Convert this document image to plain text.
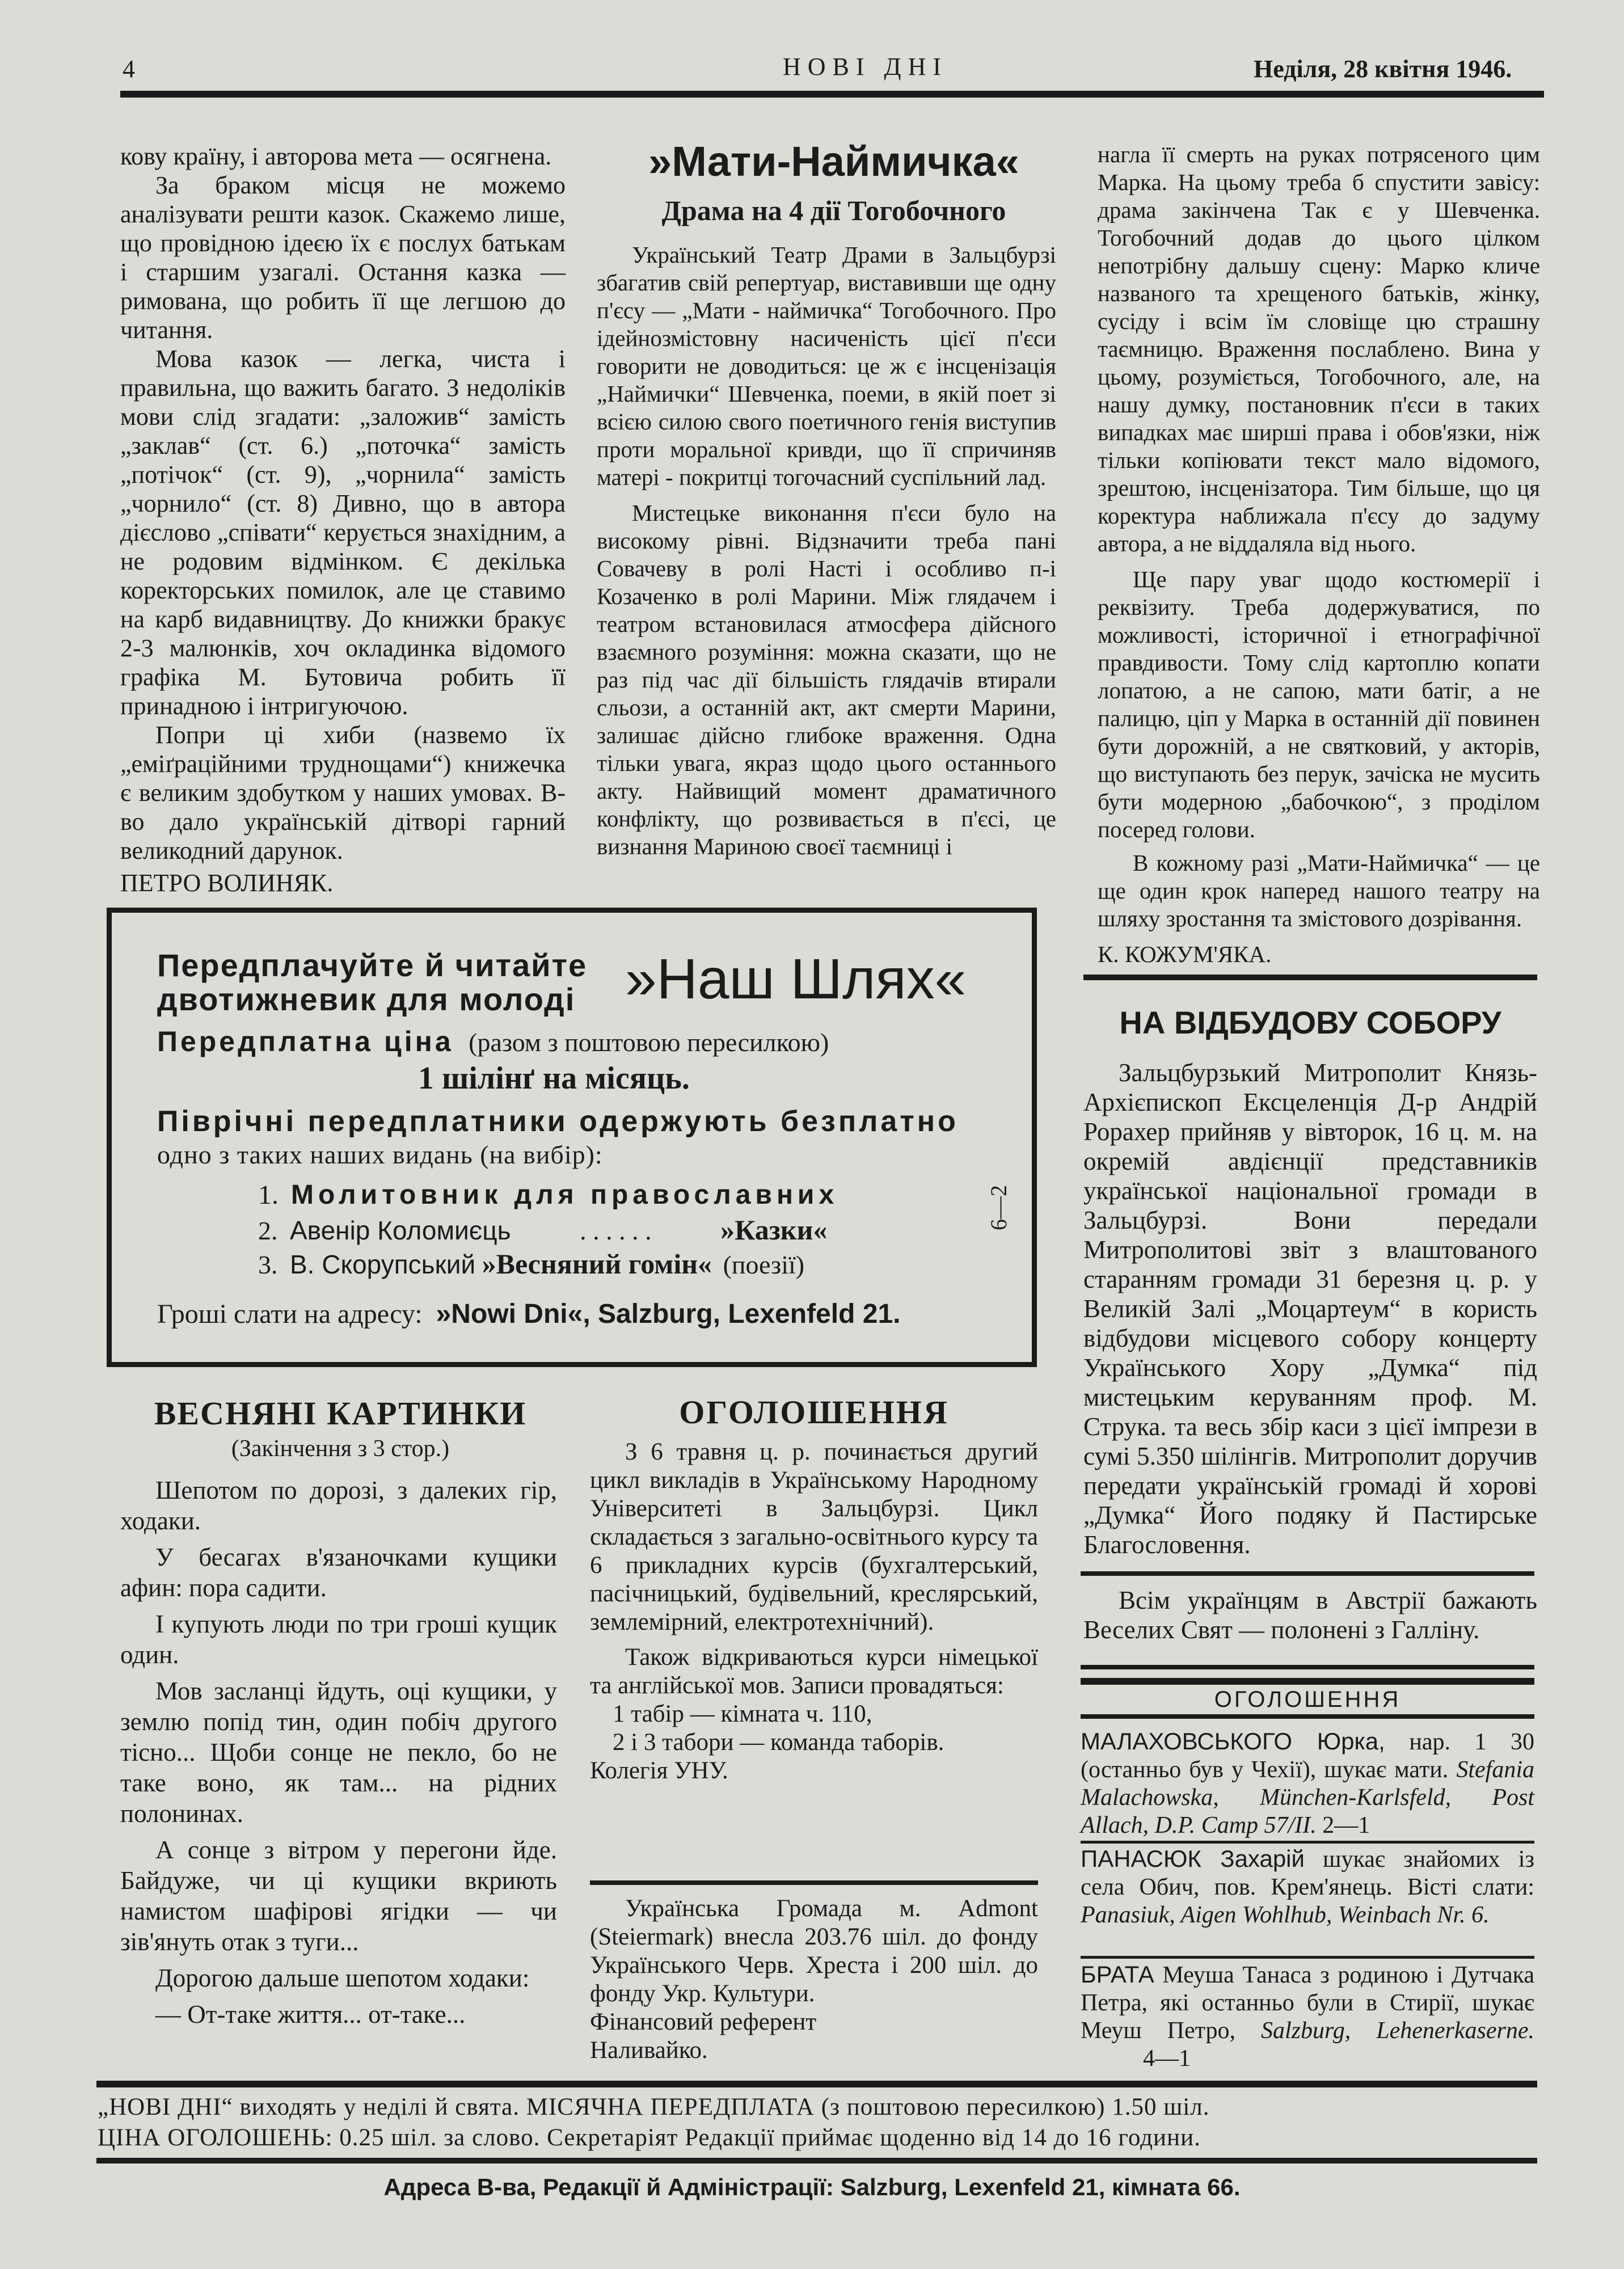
4	НОВІ ДНІ	Неділя, 28 квітня 1946.

кову країну, і авторова мета — осягнена.

За браком місця не можемо аналізувати решти казок. Скажемо лише, що провідною ідеєю їх є послух батькам і старшим узагалі. Остання казка — римована, що робить її ще легшою до читання.

Мова казок — легка, чиста і правильна, що важить багато. З недоліків мови слід згадати: „заложив“ замість „заклав“ (ст. 6.) „поточка“ замість „потічок“ (ст. 9), „чорнила“ замість „чорнило“ (ст. 8) Дивно, що в автора дієслово „співати“ керується знахідним, а не родовим відмінком. Є декілька коректорських помилок, але це ставимо на карб видавництву. До книжки бракує 2-3 малюнків, хоч окладинка відомого графіка М. Бутовича робить її принадною і інтригуючою.

Попри ці хиби (назвемо їх „еміґраційними труднощами“) книжечка є великим здобутком у наших умовах. В-во дало українській дітворі гарний великодний дарунок.

ПЕТРО ВОЛИНЯК.

»Мати-Наймичка«
Драма на 4 дії Тогобочного

Український Театр Драми в Зальцбурзі збагатив свій репертуар, виставивши ще одну п'єсу — „Мати - наймичка“ Тогобочного. Про ідейнозмістовну насиченість цієї п'єси говорити не доводиться: це ж є інсценізація „Наймички“ Шевченка, поеми, в якій поет зі всією силою свого поетичного генія виступив проти моральної кривди, що її спричиняв матері - покритці тогочасний суспільний лад.

Мистецьке виконання п'єси було на високому рівні. Відзначити треба пані Совачеву в ролі Насті і особливо п-і Козаченко в ролі Марини. Між глядачем і театром встановилася атмосфера дійсного взаємного розуміння: можна сказати, що не раз під час дії більшість глядачів втирали сльози, а останній акт, акт смерти Марини, залишає дійсно глибоке враження. Одна тільки увага, якраз щодо цього останнього акту. Найвищий момент драматичного конфлікту, що розвивається в п'єсі, це визнання Мариною своєї таємниці і

нагла її смерть на руках потрясеного цим Марка. На цьому треба б спустити завісу: драма закінчена Так є у Шевченка. Тогобочний додав до цього цілком непотрібну дальшу сцену: Марко кличе названого та хрещеного батьків, жінку, сусіду і всім їм словіще цю страшну таємницю. Враження послаблено. Вина у цьому, розуміється, Тогобочного, але, на нашу думку, постановник п'єси в таких випадках має ширші права і обов'язки, ніж тільки копіювати текст мало відомого, зрештою, інсценізатора. Тим більше, що ця коректура наближала п'єсу до задуму автора, а не віддаляла від нього.

Ще пару уваг щодо костюмерії і реквізиту. Треба додержуватися, по можливості, історичної і етнографічної правдивости. Тому слід картоплю копати лопатою, а не сапою, мати батіг, а не палицю, ціп у Марка в останній дії повинен бути дорожній, а не святковий, у акторів, що виступають без перук, зачіска не мусить бути модерною „бабочкою“, з проділом посеред голови.

В кожному разі „Мати-Наймичка“ — це ще один крок наперед нашого театру на шляху зростання та змістового дозрівання.

К. КОЖУМ'ЯКА.

Передплачуйте й читайте
двотижневик для молоді »Наш Шлях«
Передплатна ціна (разом з поштовою пересилкою)
1 шілінґ на місяць.
Піврічні передплатники одержують безплатно
одно з таких наших видань (на вибір):
1. Молитовник для православних
2. Авенір Коломиєць	. . . . . . »Казки«
3. В. Скорупський »Весняний гомін« (поезії)
6—2
Гроші слати на адресу: »Nowi Dni«, Salzburg, Lexenfeld 21.
ВЕСНЯНІ КАРТИНКИ
(Закінчення з 3 стор.)

Шепотом по дорозі, з далеких гір, ходаки.

У бесагах в'язаночками кущики афин: пора садити.

І купують люди по три гроші кущик один.

Мов засланці йдуть, оці кущики, у землю попід тин, один побіч другого тісно... Щоби сонце не пекло, бо не таке воно, як там... на рідних полонинах.

А сонце з вітром у перегони йде. Байдуже, чи ці кущики вкриють намистом шафірові ягідки — чи зів'януть отак з туги...

Дорогою дальше шепотом ходаки:

— От-таке життя... от-таке...

ОГОЛОШЕННЯ

З 6 травня ц. р. починається другий цикл викладів в Українському Народному Університеті в Зальцбурзі. Цикл складається з загально-освітнього курсу та 6 прикладних курсів (бухгалтерський, пасічницький, будівельний, креслярський, землемірний, електротехнічний).

Також відкриваються курси німецької та англійської мов. Записи провадяться:

1 табір — кімната ч. 110,

2 і 3 табори — команда таборів.

Колегія УНУ.

Українська Громада м. Admont (Steiermark) внесла 203.76 шіл. до фонду Українського Черв. Хреста і 200 шіл. до фонду Укр. Культури.

Фінансовий референт

Наливайко.

НА ВІДБУДОВУ СОБОРУ

Зальцбурзький Митрополит Князь-Архієпископ Ексцеленція Д-р Андрій Рорахер прийняв у вівторок, 16 ц. м. на окремій авдієнції представників української національної громади в Зальцбурзі. Вони передали Митрополитові звіт з влаштованого старанням громади 31 березня ц. р. у Великій Залі „Моцартеум“ в користь відбудови місцевого собору концерту Українського Хору „Думка“ під мистецьким керуванням проф. М. Струка. та весь збір каси з цієї імпрези в сумі 5.350 шілінгів. Митрополит доручив передати українській громаді й хорові „Думка“ Його подяку й Пастирське Благословення.

Всім українцям в Австрії бажають Веселих Свят — полонені з Галліну.

ОГОЛОШЕННЯ
МАЛАХОВСЬКОГО Юрка, нар. 1 30 (останньо був у Чехії), шукає мати. Stefania Malachowska, München-Karlsfeld, Post Allach, D.P. Camp 57/II. 2—1
ПАНАСЮК Захарій шукає знайомих із села Обич, пов. Крем'янець. Вісті слати: Panasiuk, Aigen Wohlhub, Weinbach Nr. 6.
БРАТА Меуша Танаса з родиною і Дутчака Петра, які останньо були в Стирії, шукає Меуш Петро, Salzburg, Lehenerkaserne. 4—1
„НОВІ ДНІ“ виходять у неділі й свята. МІСЯЧНА ПЕРЕДПЛАТА (з поштовою пересилкою) 1.50 шіл.
ЦІНА ОГОЛОШЕНЬ: 0.25 шіл. за слово. Секретаріят Редакції приймає щоденно від 14 до 16 години.
Адреса В-ва, Редакції й Адміністрації: Salzburg, Lexenfeld 21, кімната 66.
